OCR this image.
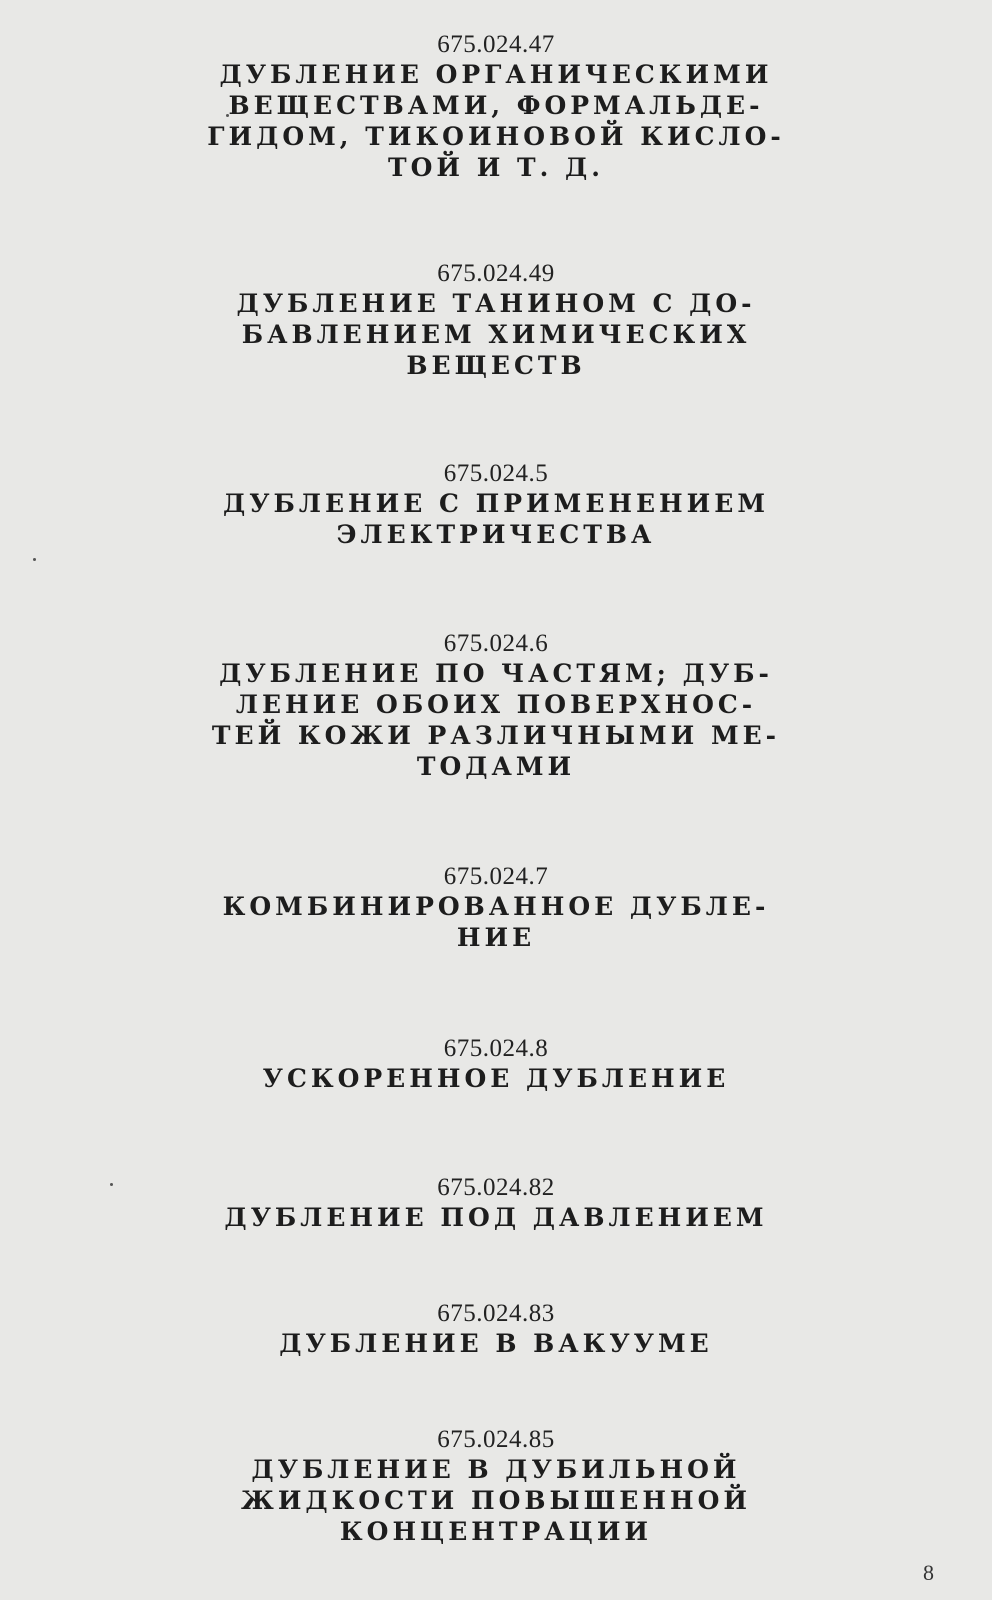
675.024.47
ДУБЛЕНИЕ ОРГАНИЧЕСКИМИ
ВЕЩЕСТВАМИ, ФОРМАЛЬДЕ-
ГИДОМ, ТИКОИНОВОЙ КИСЛО-
ТОЙ И Т. Д.
675.024.49
ДУБЛЕНИЕ ТАНИНОМ С ДО-
БАВЛЕНИЕМ ХИМИЧЕСКИХ
ВЕЩЕСТВ
675.024.5
ДУБЛЕНИЕ С ПРИМЕНЕНИЕМ
ЭЛЕКТРИЧЕСТВА
675.024.6
ДУБЛЕНИЕ ПО ЧАСТЯМ; ДУБ-
ЛЕНИЕ ОБОИХ ПОВЕРХНОС-
ТЕЙ КОЖИ РАЗЛИЧНЫМИ МЕ-
ТОДАМИ
675.024.7
КОМБИНИРОВАННОЕ ДУБЛЕ-
НИЕ
675.024.8
УСКОРЕННОЕ ДУБЛЕНИЕ
675.024.82
ДУБЛЕНИЕ ПОД ДАВЛЕНИЕМ
675.024.83
ДУБЛЕНИЕ В ВАКУУМЕ
675.024.85
ДУБЛЕНИЕ В ДУБИЛЬНОЙ
ЖИДКОСТИ ПОВЫШЕННОЙ
КОНЦЕНТРАЦИИ
8
